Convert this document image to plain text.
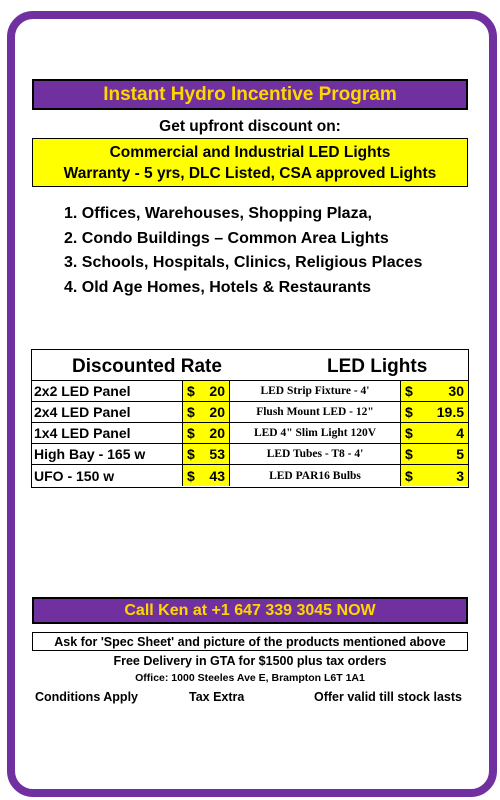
Instant Hydro Incentive Program
Get upfront discount on:
Commercial and Industrial LED Lights
Warranty - 5 yrs, DLC Listed, CSA approved Lights
1. Offices, Warehouses, Shopping Plaza,
2. Condo Buildings – Common Area Lights
3. Schools, Hospitals, Clinics, Religious Places
4. Old Age Homes, Hotels & Restaurants
Discounted Rate	LED Lights
2x2 LED Panel	$ 20	LED Strip Fixture - 4'	$	30
2x4 LED Panel	$ 20	Flush Mount LED - 12"	$ 19.5
1x4 LED Panel	$ 20	LED 4" Slim Light 120V	$	4
High Bay - 165 w	$ 53	LED Tubes - T8 - 4'	$	5
UFO - 150 w	$ 43	LED PAR16 Bulbs	$	3
Call Ken at +1 647 339 3045 NOW
Ask for 'Spec Sheet' and picture of the products mentioned above
Free Delivery in GTA for $1500 plus tax orders
Office: 1000 Steeles Ave E, Brampton L6T 1A1
Conditions Apply	Tax Extra	Offer valid till stock lasts
